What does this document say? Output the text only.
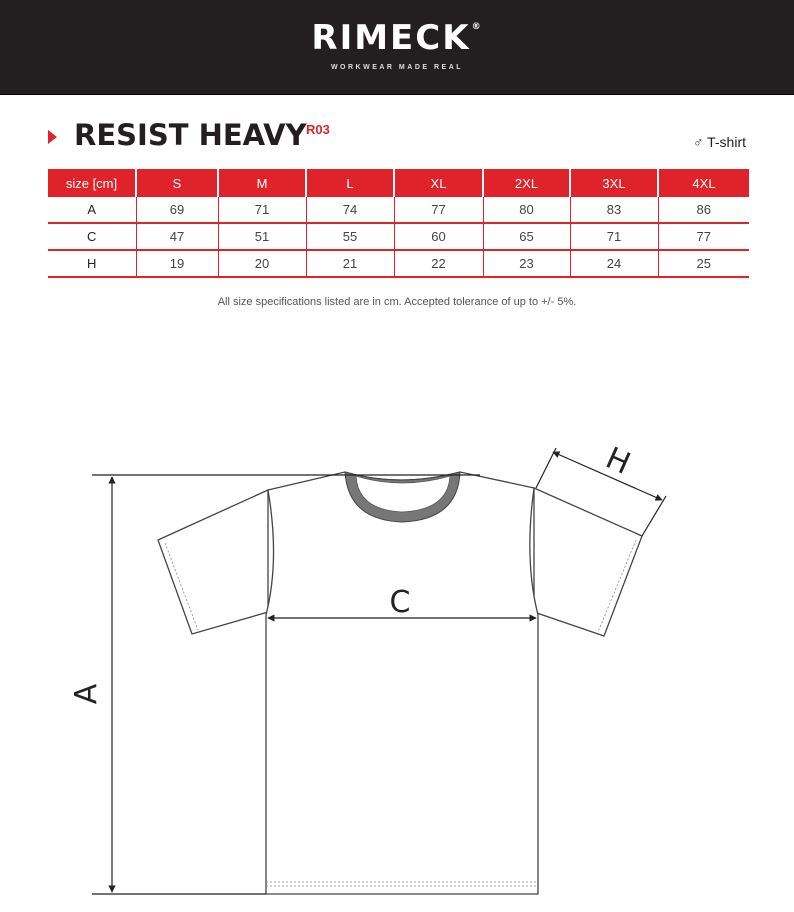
RIMECK®
WORKWEAR MADE REAL
RESIST HEAVY R03
♂ T-shirt
size [cm]	S	M	L	XL	2XL	3XL	4XL
A	69	71	74	77	80	83	86
C	47	51	55	60	65	71	77
H	19	20	21	22	23	24	25
All size specifications listed are in cm. Accepted tolerance of up to +/- 5%.
A
C
H
